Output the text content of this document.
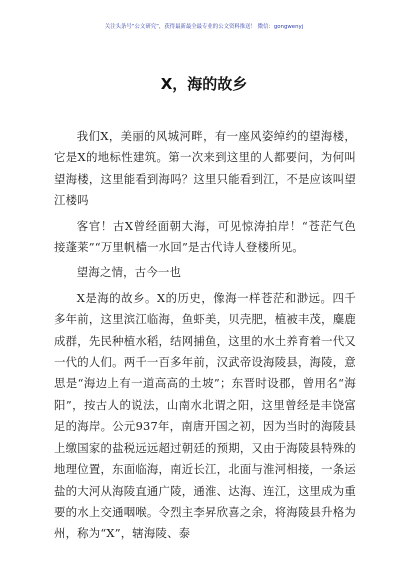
关注头条号“公文研究”，获得最新最全最专业的公文资料推送！ 微信：gongwenyj
X，海的故乡

我们X，美丽的风城河畔，有一座风姿绰约的望海楼，它是X的地标性建筑。第一次来到这里的人都要问，为何叫望海楼，这里能看到海吗？这里只能看到江，不是应该叫望江楼吗

客官！古X曾经面朝大海，可见惊涛拍岸！“苍茫气色接蓬莱”“万里帆樯一水回”是古代诗人登楼所见。

望海之情，古今一也

X是海的故乡。X的历史，像海一样苍茫和渺远。四千多年前，这里滨江临海，鱼虾美，贝壳肥，植被丰茂，麋鹿成群，先民种植水稻，结网捕鱼，这里的水土养育着一代又一代的人们。两千一百多年前，汉武帝设海陵县，海陵，意思是“海边上有一道高高的土坡”；东晋时设郡，曾用名“海阳”，按古人的说法，山南水北谓之阳，这里曾经是丰饶富足的海岸。公元937年，南唐开国之初，因为当时的海陵县上缴国家的盐税远远超过朝廷的预期，又由于海陵县特殊的地理位置，东面临海，南近长江，北面与淮河相接，一条运盐的大河从海陵直通广陵，通淮、达海、连江，这里成为重要的水上交通咽喉。令烈主李昇欣喜之余，将海陵县升格为州，称为“X”，辖海陵、泰
